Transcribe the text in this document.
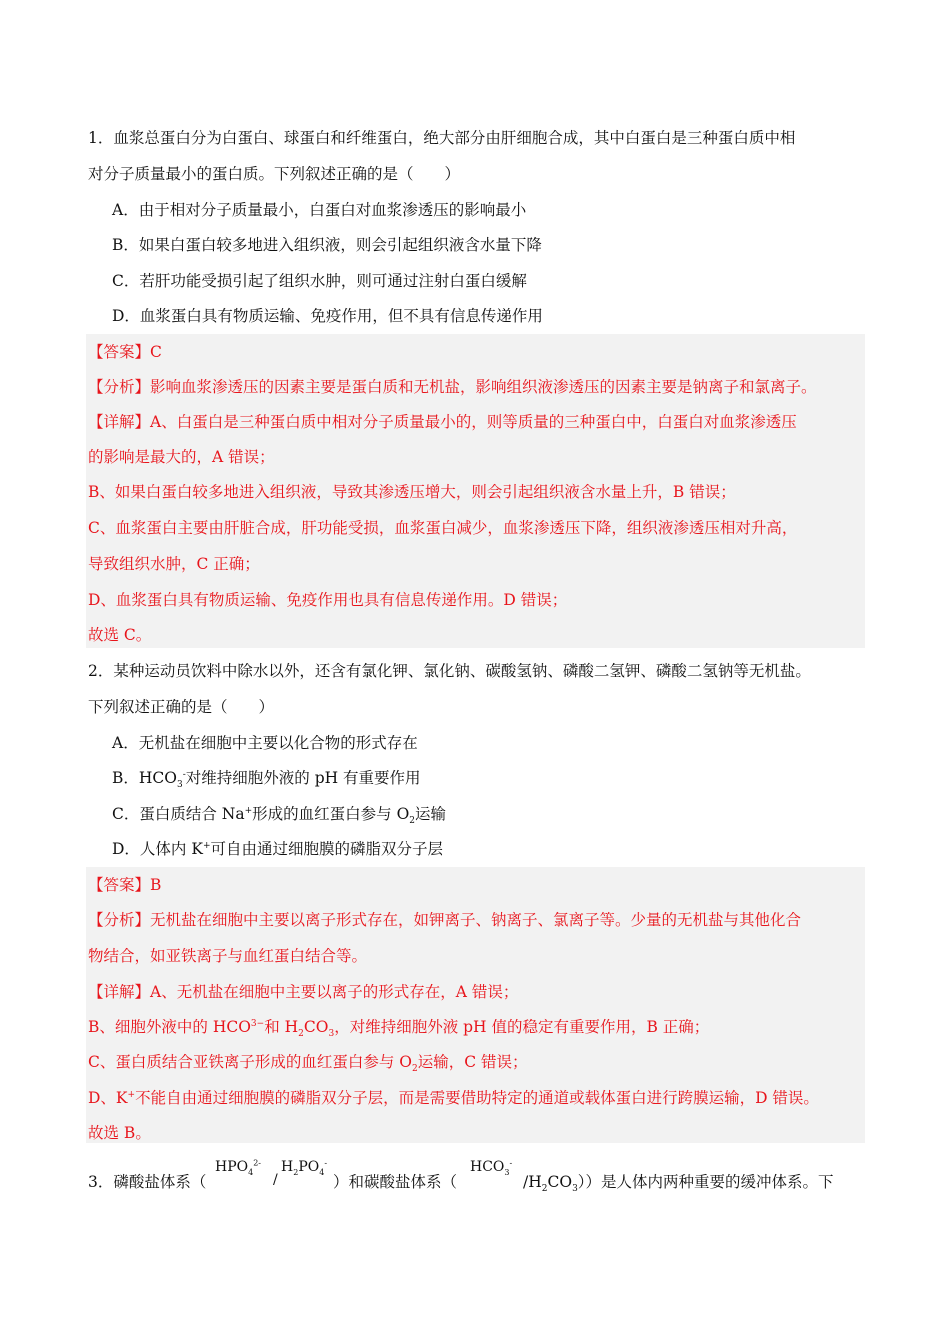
1．血浆总蛋白分为白蛋白、球蛋白和纤维蛋白，绝大部分由肝细胞合成，其中白蛋白是三种蛋白质中相
对分子质量最小的蛋白质。下列叙述正确的是（　　）
A．由于相对分子质量最小，白蛋白对血浆渗透压的影响最小
B．如果白蛋白较多地进入组织液，则会引起组织液含水量下降
C．若肝功能受损引起了组织水肿，则可通过注射白蛋白缓解
D．血浆蛋白具有物质运输、免疫作用，但不具有信息传递作用
【答案】C
【分析】影响血浆渗透压的因素主要是蛋白质和无机盐，影响组织液渗透压的因素主要是钠离子和氯离子。
【详解】A、白蛋白是三种蛋白质中相对分子质量最小的，则等质量的三种蛋白中，白蛋白对血浆渗透压
的影响是最大的，A 错误；
B、如果白蛋白较多地进入组织液，导致其渗透压增大，则会引起组织液含水量上升，B 错误；
C、血浆蛋白主要由肝脏合成，肝功能受损，血浆蛋白减少，血浆渗透压下降，组织液渗透压相对升高，
导致组织水肿，C 正确；
D、血浆蛋白具有物质运输、免疫作用也具有信息传递作用。D 错误；
故选 C。
2．某种运动员饮料中除水以外，还含有氯化钾、氯化钠、碳酸氢钠、磷酸二氢钾、磷酸二氢钠等无机盐。
下列叙述正确的是（　　）
A．无机盐在细胞中主要以化合物的形式存在
B．$HCO_3^-$对维持细胞外液的 pH 有重要作用
C．蛋白质结合 Na+形成的血红蛋白参与 $O_2$运输
D．人体内 K+可自由通过细胞膜的磷脂双分子层
【答案】B
【分析】无机盐在细胞中主要以离子形式存在，如钾离子、钠离子、氯离子等。少量的无机盐与其他化合
物结合，如亚铁离子与血红蛋白结合等。
【详解】A、无机盐在细胞中主要以离子的形式存在，A 错误；
B、细胞外液中的 $HCO^{3-}$和 $H_2CO_3$，对维持细胞外液 pH 值的稳定有重要作用，B 正确；
C、蛋白质结合亚铁离子形成的血红蛋白参与 $O_2$运输，C 错误；
D、K+不能自由通过细胞膜的磷脂双分子层，而是需要借助特定的通道或载体蛋白进行跨膜运输，D 错误。
故选 B。
$HPO_4^{2-}$
/
$H_2PO_4^-$	$HCO_3^-$
3．磷酸盐体系（	）和碳酸盐体系（	$/H_2CO_3$））是人体内两种重要的缓冲体系。下
